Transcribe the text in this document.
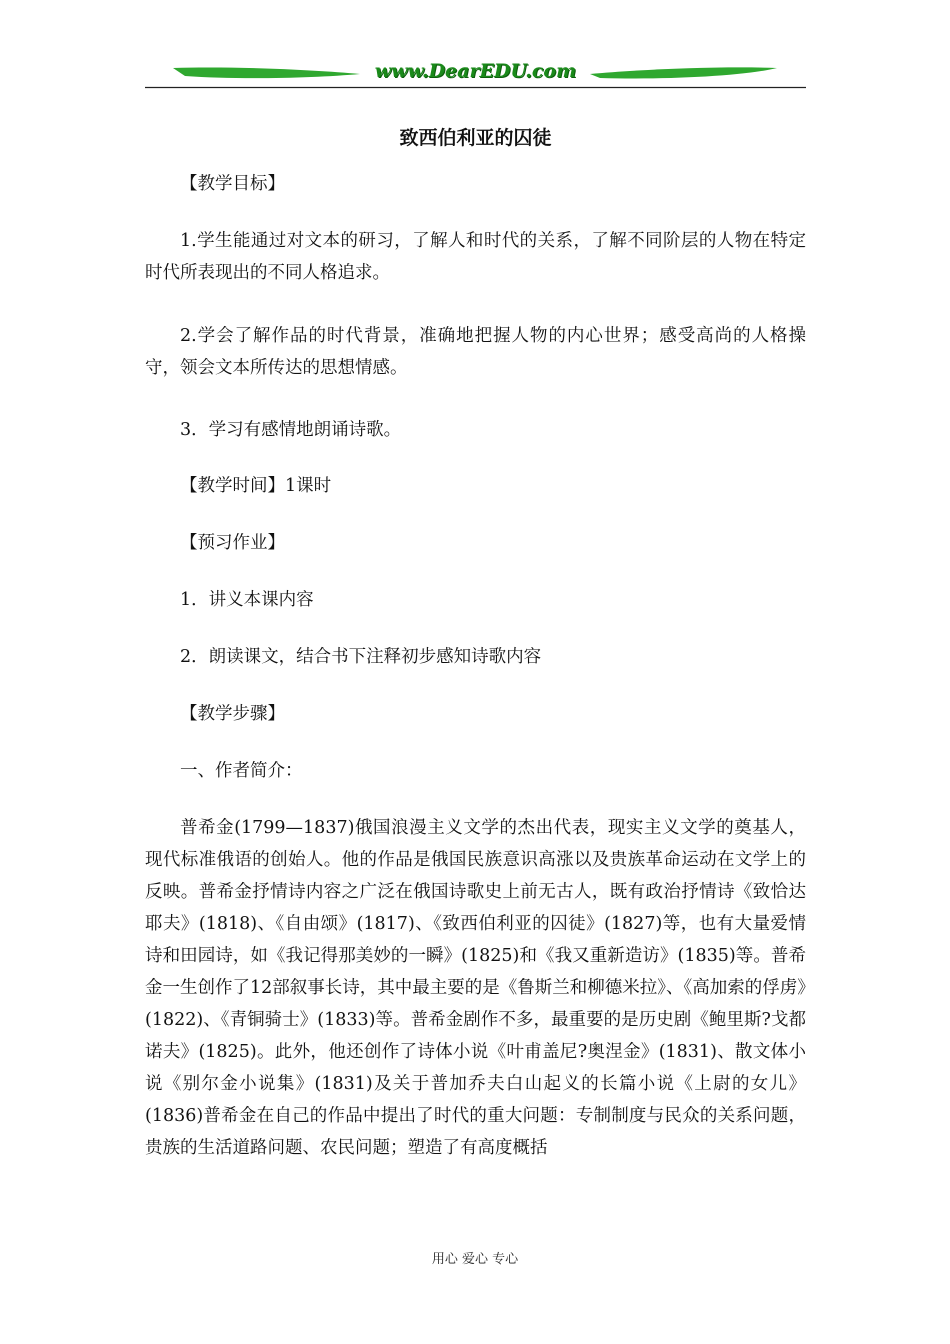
www.DearEDU.com
致西伯利亚的囚徒

【教学目标】

1.学生能通过对文本的研习，了解人和时代的关系，了解不同阶层的人物在特定时代所表现出的不同人格追求。

2.学会了解作品的时代背景，准确地把握人物的内心世界；感受高尚的人格操守，领会文本所传达的思想情感。

3．学习有感情地朗诵诗歌。

【教学时间】1课时

【预习作业】

1．讲义本课内容

2．朗读课文，结合书下注释初步感知诗歌内容

【教学步骤】

一、作者简介：

普希金(1799—1837)俄国浪漫主义文学的杰出代表，现实主义文学的奠基人，现代标准俄语的创始人。他的作品是俄国民族意识高涨以及贵族革命运动在文学上的反映。普希金抒情诗内容之广泛在俄国诗歌史上前无古人，既有政治抒情诗《致恰达耶夫》(1818)、《自由颂》(1817)、《致西伯利亚的囚徒》(1827)等，也有大量爱情诗和田园诗，如《我记得那美妙的一瞬》(1825)和《我又重新造访》(1835)等。普希金一生创作了12部叙事长诗，其中最主要的是《鲁斯兰和柳德米拉》、《高加索的俘虏》(1822)、《青铜骑士》(1833)等。普希金剧作不多，最重要的是历史剧《鲍里斯?戈都诺夫》(1825)。此外，他还创作了诗体小说《叶甫盖尼?奥涅金》(1831)、散文体小说《别尔金小说集》(1831)及关于普加乔夫白山起义的长篇小说《上尉的女儿》(1836)普希金在自己的作品中提出了时代的重大问题：专制制度与民众的关系问题，贵族的生活道路问题、农民问题；塑造了有高度概括

用心 爱心 专心
